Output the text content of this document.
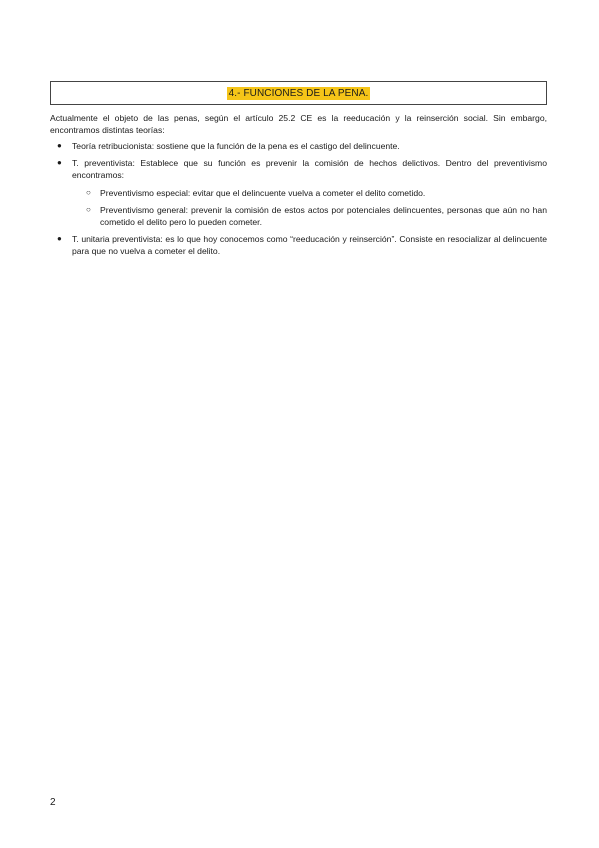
4.- FUNCIONES DE LA PENA.

Actualmente el objeto de las penas, según el artículo 25.2 CE es la reeducación y la reinserción social. Sin embargo, encontramos distintas teorías:

● Teoría retribucionista: sostiene que la función de la pena es el castigo del delincuente.
● T. preventivista: Establece que su función es prevenir la comisión de hechos delictivos. Dentro del preventivismo encontramos:
○ Preventivismo especial: evitar que el delincuente vuelva a cometer el delito cometido.
○ Preventivismo general: prevenir la comisión de estos actos por potenciales delincuentes, personas que aún no han cometido el delito pero lo pueden cometer.
● T. unitaria preventivista: es lo que hoy conocemos como “reeducación y reinserción”. Consiste en resocializar al delincuente para que no vuelva a cometer el delito.
2
